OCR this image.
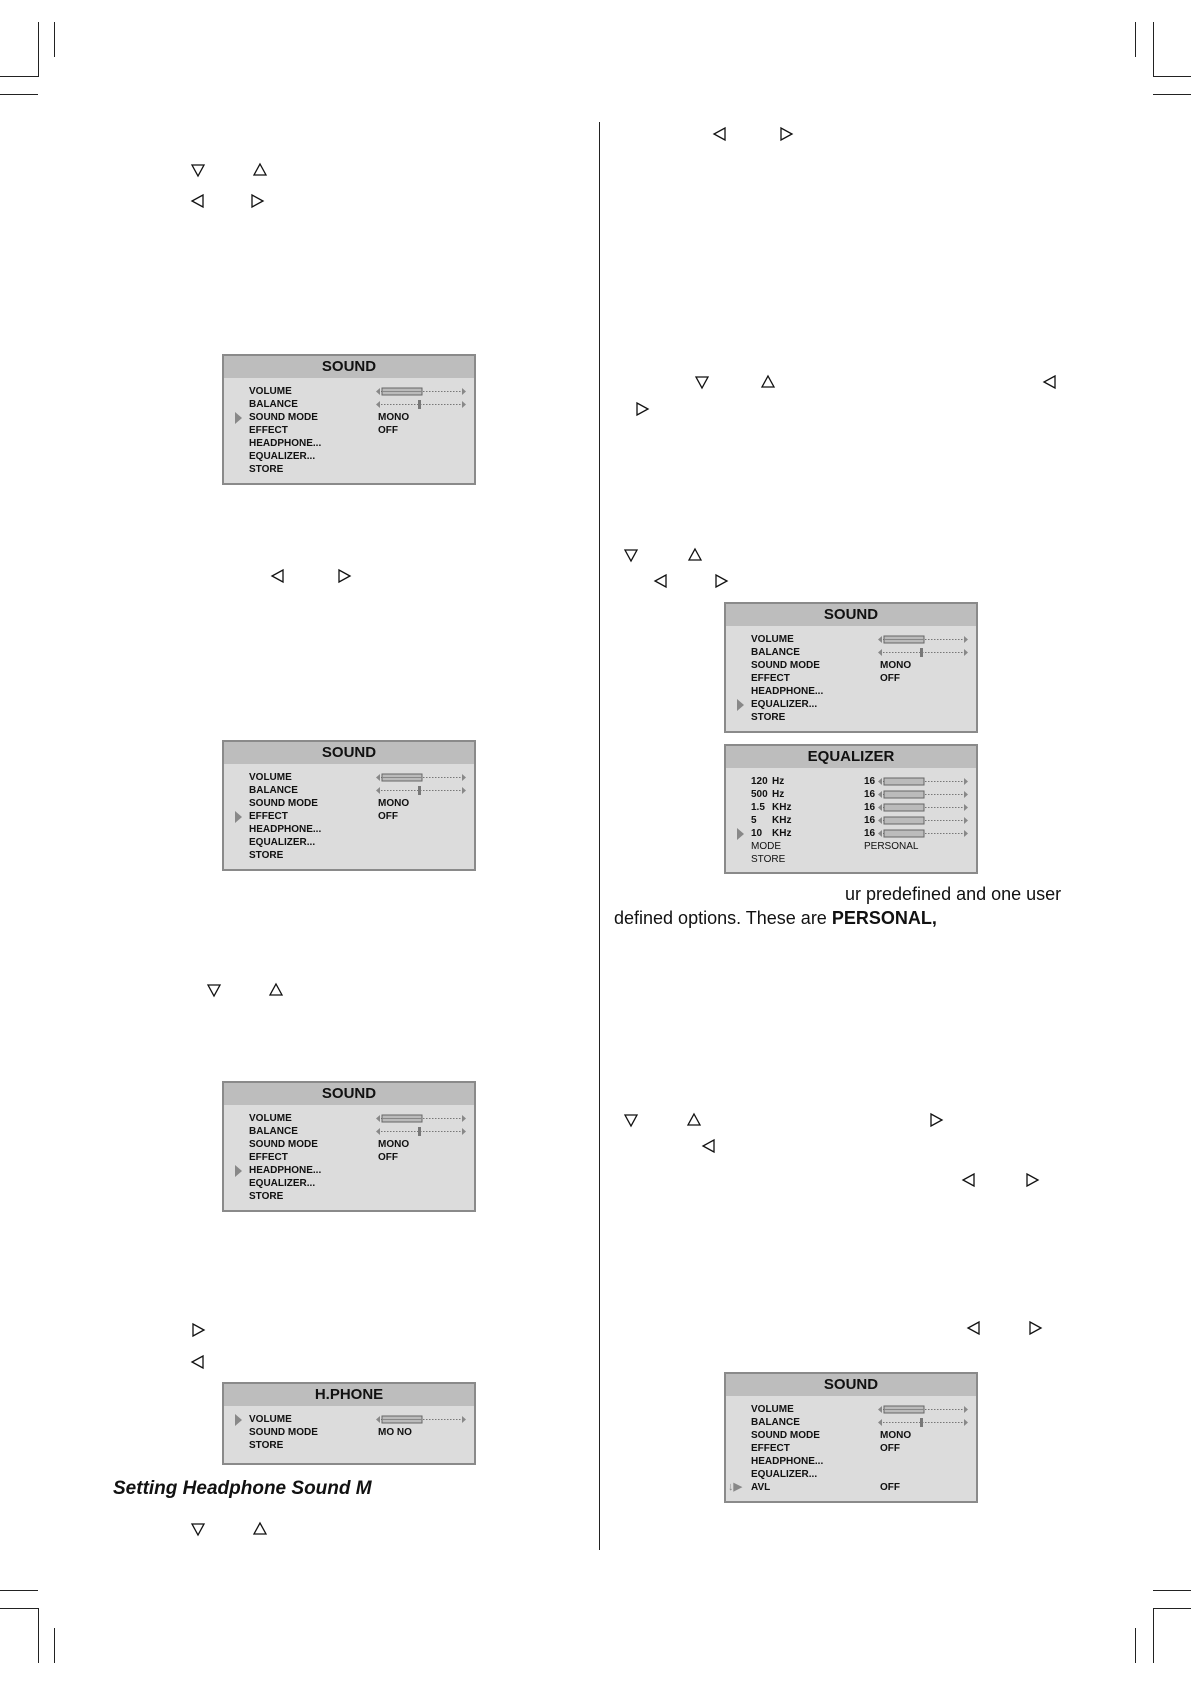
SOUND
VOLUME
BALANCE
SOUND MODE	MONO
EFFECT	OFF
HEADPHONE...
EQUALIZER...
STORE
SOUND
VOLUME
BALANCE
SOUND MODE	MONO
EFFECT	OFF
HEADPHONE...
EQUALIZER...
STORE
SOUND
VOLUME
BALANCE
SOUND MODE	MONO
EFFECT	OFF
HEADPHONE...
EQUALIZER...
STORE
H.PHONE
VOLUME
SOUND MODE	MO NO
STORE
SOUND
VOLUME
BALANCE
SOUND MODE	MONO
EFFECT	OFF
HEADPHONE...
EQUALIZER...
STORE
EQUALIZER
120 Hz	16
500 Hz	16
1.5 KHz	16
5 KHz	16
10 KHz	16
MODE	PERSONAL
STORE
SOUND
VOLUME
BALANCE
SOUND MODE	MONO
EFFECT	OFF
HEADPHONE...
EQUALIZER...
↓▶ AVL	OFF
ur predefined and one user
defined options. These are PERSONAL,
Setting Headphone Sound M
